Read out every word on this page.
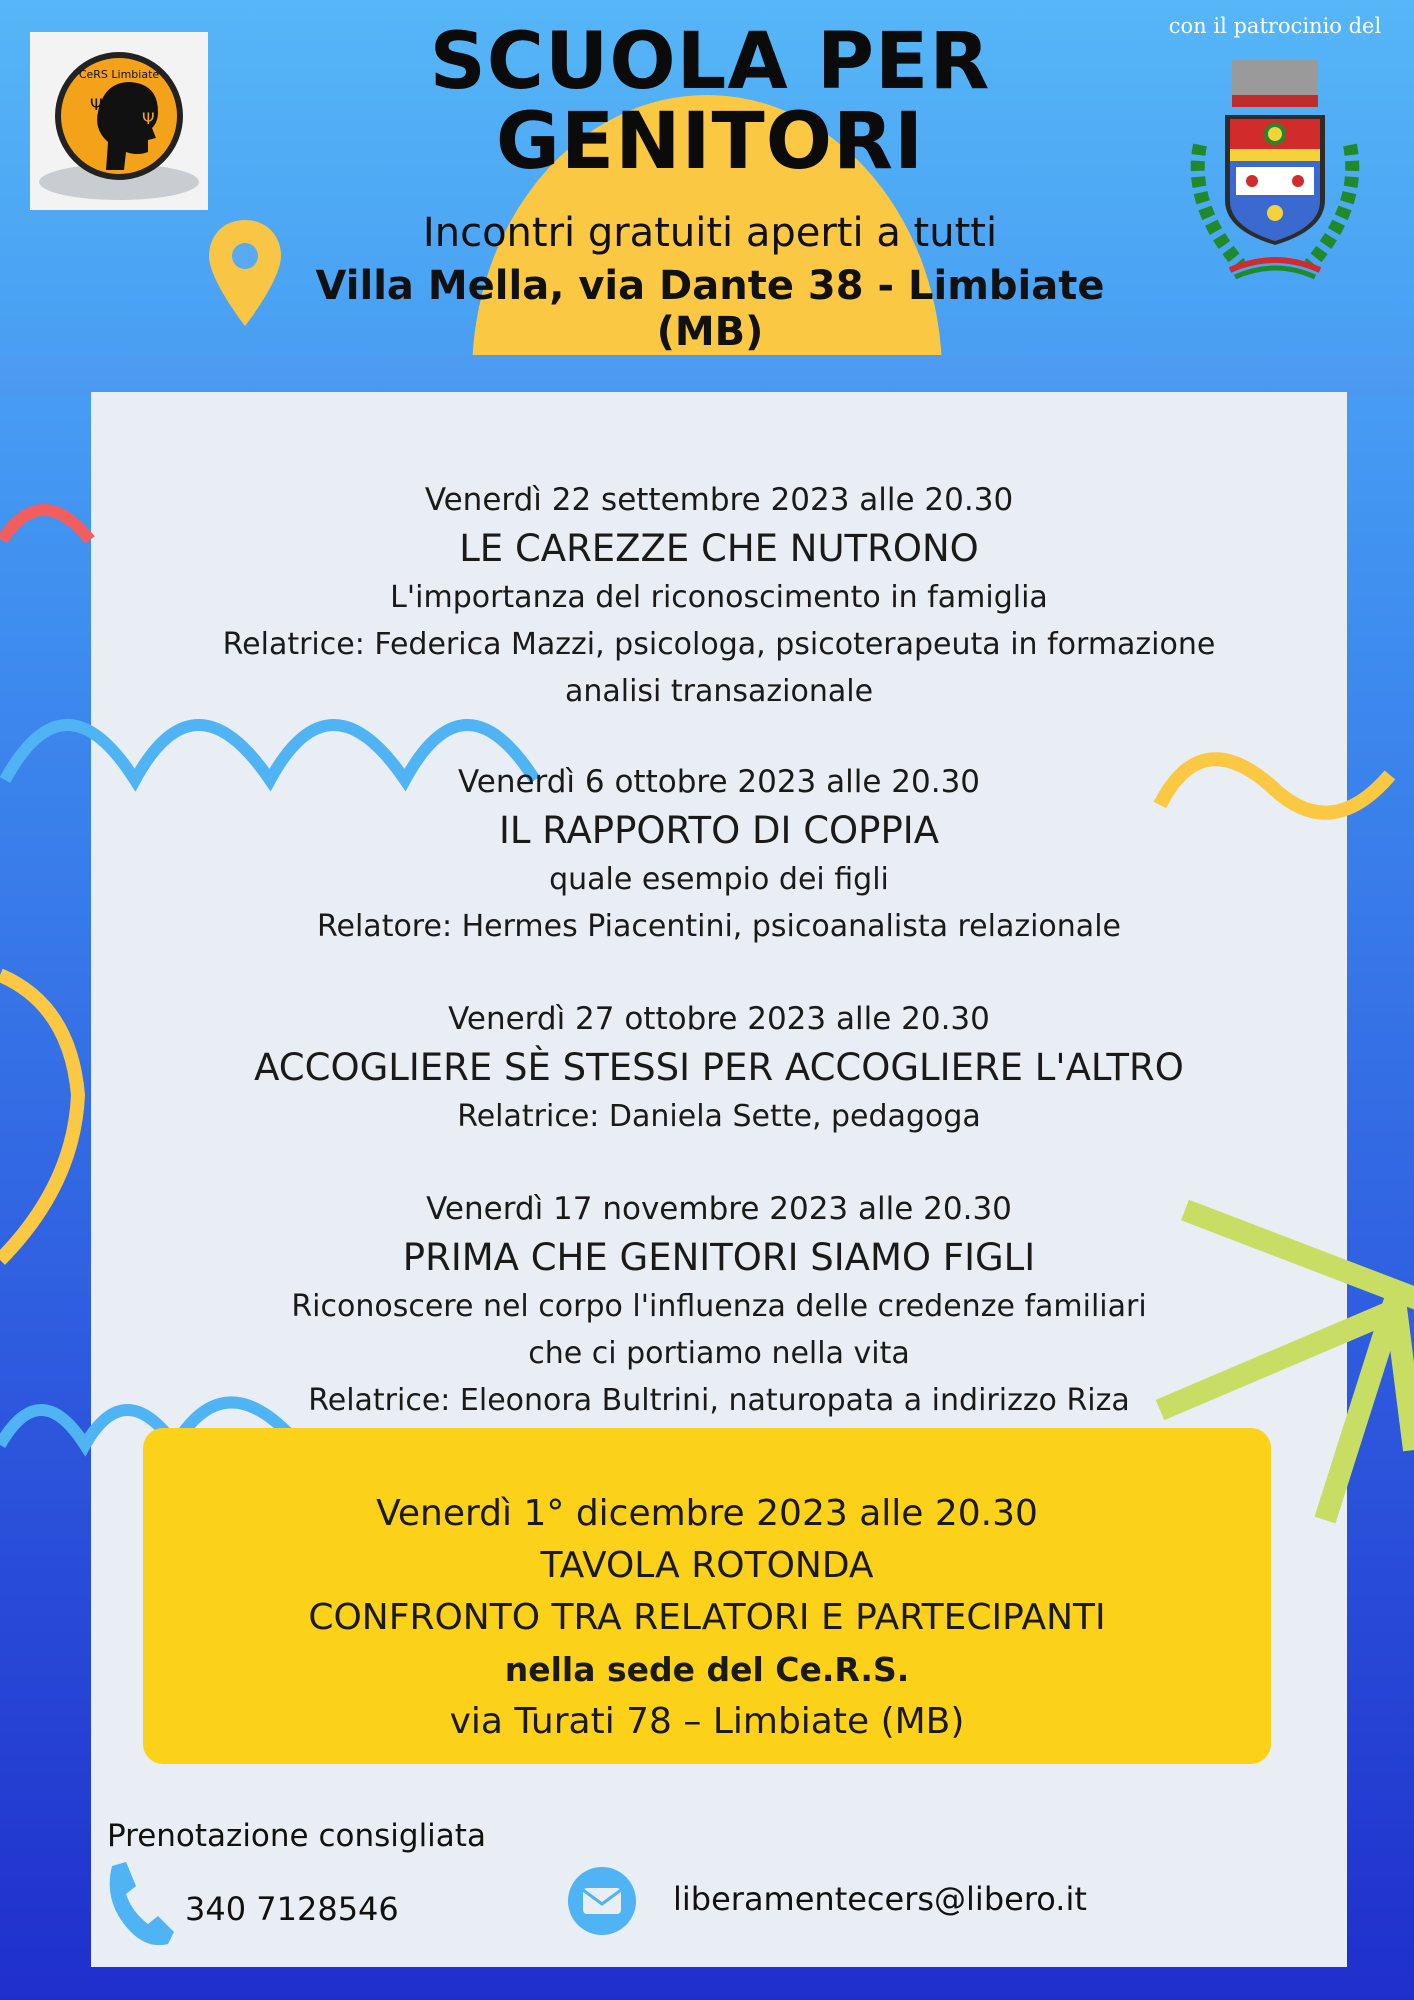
Ψ
Ψ
CeRS Limbiate	SCUOLA PER
GENITORI
con il patrocinio del
Incontri gratuiti aperti a tutti
Villa Mella, via Dante 38 - Limbiate (MB)
Venerdì 22 settembre 2023 alle 20.30
LE CAREZZE CHE NUTRONO
L'importanza del riconoscimento in famiglia
Relatrice: Federica Mazzi, psicologa, psicoterapeuta in formazione
analisi transazionale
Venerdì 6 ottobre 2023 alle 20.30
IL RAPPORTO DI COPPIA
quale esempio dei figli
Relatore: Hermes Piacentini, psicoanalista relazionale
Venerdì 27 ottobre 2023 alle 20.30
ACCOGLIERE SÈ STESSI PER ACCOGLIERE L'ALTRO
Relatrice: Daniela Sette, pedagoga
Venerdì 17 novembre 2023 alle 20.30
PRIMA CHE GENITORI SIAMO FIGLI
Riconoscere nel corpo l'influenza delle credenze familiari
che ci portiamo nella vita
Relatrice: Eleonora Bultrini, naturopata a indirizzo Riza
Venerdì 1° dicembre 2023 alle 20.30
TAVOLA ROTONDA
CONFRONTO TRA RELATORI E PARTECIPANTI
nella sede del Ce.R.S.
via Turati 78 – Limbiate (MB)
Prenotazione consigliata
340 7128546	liberamentecers@libero.it
